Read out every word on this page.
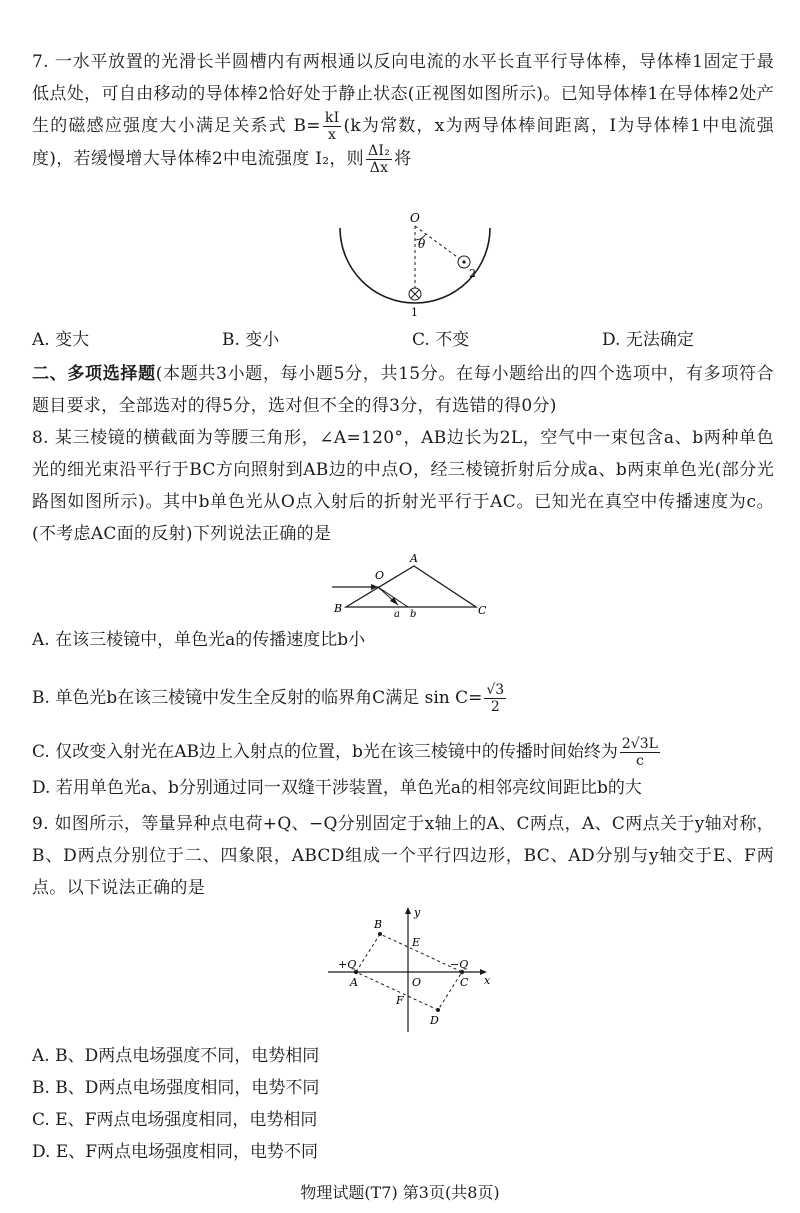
7. 一水平放置的光滑长半圆槽内有两根通以反向电流的水平长直平行导体棒，导体棒1固定于最低点处，可自由移动的导体棒2恰好处于静止状态(正视图如图所示)。已知导体棒1在导体棒2处产生的磁感应强度大小满足关系式 $B= \frac{kI}{x} (k$为常数，x为两导体棒间距离，I为导体棒1中电流强度)，若缓慢增大导体棒2中电流强度 I₂，则 $\frac{\text{ΔI₂}}{\Delta x}$ 将

O
θ
1
2
A. 变大	B. 变小	C. 不变	D. 无法确定

二、多项选择题(本题共3小题，每小题5分，共15分。在每小题给出的四个选项中，有多项符合题目要求，全部选对的得5分，选对但不全的得3分，有选错的得0分)

8. 某三棱镜的横截面为等腰三角形，∠A=120°，AB边长为2L，空气中一束包含a、b两种单色光的细光束沿平行于BC方向照射到AB边的中点O，经三棱镜折射后分成a、b两束单色光(部分光路图如图所示)。其中b单色光从O点入射后的折射光平行于AC。已知光在真空中传播速度为c。(不考虑AC面的反射)下列说法正确的是

A
B	C
O
a b
A. 在该三棱镜中，单色光a的传播速度比b小
B. 单色光b在该三棱镜中发生全反射的临界角C满足 $\sin C= \frac{√3}{2}$
C. 仅改变入射光在AB边上入射点的位置，b光在该三棱镜中的传播时间始终为 $\frac{2√3L}{c}$
D. 若用单色光a、b分别通过同一双缝干涉装置，单色光a的相邻亮纹间距比b的大

9. 如图所示，等量异种点电荷+Q、−Q分别固定于x轴上的A、C两点，A、C两点关于y轴对称，B、D两点分别位于二、四象限，ABCD组成一个平行四边形，BC、AD分别与y轴交于E、F两点。以下说法正确的是

y
x
O
+Q	−Q
A
B
C
D
E
F
A. B、D两点电场强度不同，电势相同
B. B、D两点电场强度相同，电势不同
C. E、F两点电场强度相同，电势相同
D. E、F两点电场强度相同，电势不同
物理试题(T7) 第3页(共8页)
